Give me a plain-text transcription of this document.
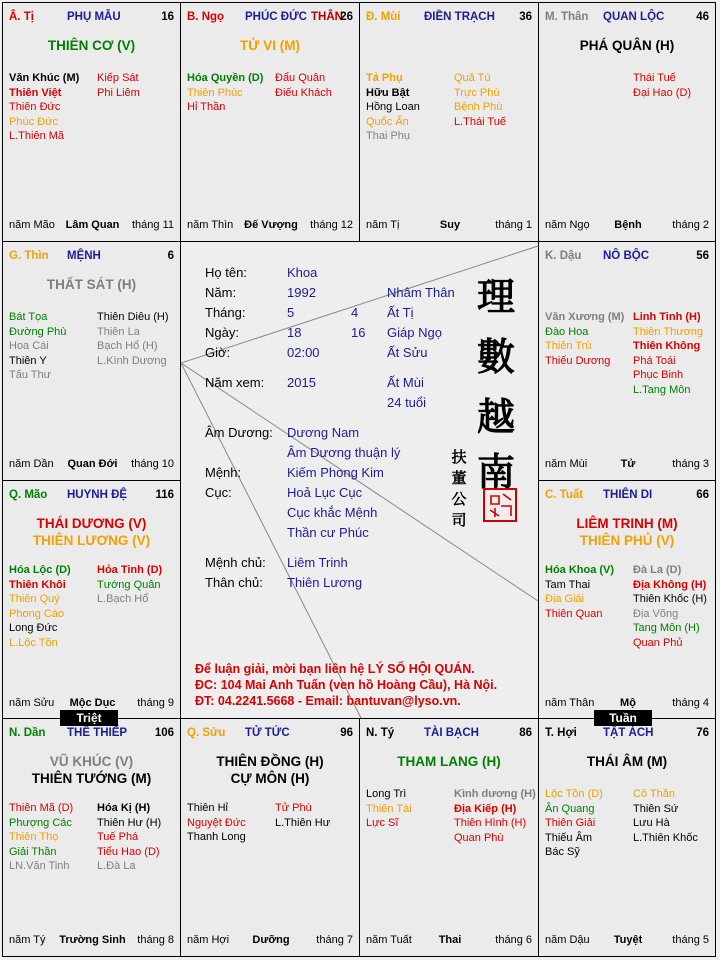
Â. Tị	PHỤ MẪU	16
THIÊN CƠ (V)
Văn Khúc (M)
Thiên Việt
Thiên Đức
Phúc Đức
L.Thiên Mã
Kiếp Sát
Phi Liêm
năm Mão Lâm Quan tháng 11
B. Ngọ PHÚC ĐỨC THÂN
26
TỬ VI (M)
Hóa Quyền (D)
Thiên Phúc
Hỉ Thần
Đẩu Quân
Điếu Khách
năm Thìn Đế Vượng tháng 12
Đ. Mùi ĐIỀN TRẠCH 36
Tả Phụ
Hữu Bật
Hồng Loan
Quốc Ấn
Thai Phụ
Quả Tú
Trực Phù
Bệnh Phù
L.Thái Tuế
năm Tị	Suy	tháng 1
M. Thân QUAN LỘC	46
PHÁ QUÂN (H)
Thái Tuế
Đại Hao (D)
năm Ngọ Bệnh	tháng 2
G. Thìn MỆNH	6
THẤT SÁT (H)
Bát Tọa
Đường Phù
Hoa Cái
Thiên Y
Tấu Thư
Thiên Diêu (H)
Thiên La
Bạch Hổ (H)
L.Kình Dương
năm Dần Quan Đới tháng 10
K. Dậu NÔ BỘC	56
Văn Xương (M)
Đào Hoa
Thiên Trù
Thiếu Dương
Linh Tinh (H)
Thiên Thương
Thiên Không
Phá Toái
Phục Binh
L.Tang Môn
năm Mùi	Tử	tháng 3
Q. Mão HUYNH ĐỆ 116
THÁI DƯƠNG (V)
THIÊN LƯƠNG (V)
Hóa Lộc (D)
Thiên Khôi
Thiên Quý
Phong Cáo
Long Đức
L.Lộc Tồn
Hỏa Tinh (D)
Tướng Quân
L.Bạch Hổ
năm Sửu Mộc Dục tháng 9
C. Tuất THIÊN DI	66
LIÊM TRINH (M)
THIÊN PHỦ (V)
Hóa Khoa (V)
Tam Thai
Địa Giải
Thiên Quan
Đà La (D)
Địa Không (H)
Thiên Khốc (H)
Địa Võng
Tang Môn (H)
Quan Phủ
năm Thân Mộ	tháng 4
N. Dần THÊ THIẾP 106
VŨ KHÚC (V)
THIÊN TƯỚNG (M)
Thiên Mã (D)
Phượng Các
Thiên Thọ
Giải Thần
LN.Văn Tinh
Hóa Kị (H)
Thiên Hư (H)
Tuế Phá
Tiểu Hao (D)
L.Đà La
năm Tý Trường Sinh tháng 8
Q. Sửu TỬ TỨC	96
THIÊN ĐỒNG (H)
CỰ MÔN (H)
Thiên Hỉ
Nguyệt Đức
Thanh Long
Tử Phù
L.Thiên Hư
năm Hợi Dưỡng tháng 7
N. Tý	TÀI BẠCH	86
THAM LANG (H)
Long Trì
Thiên Tài
Lực Sĩ
Kình dương (H)
Địa Kiếp (H)
Thiên Hình (H)
Quan Phù
năm Tuất Thai	tháng 6
T. Hợi TẬT ÁCH	76
THÁI ÂM (M)
Lộc Tồn (D)
Ân Quang
Thiên Giải
Thiếu Âm
Bác Sỹ
Cô Thần
Thiên Sứ
Lưu Hà
L.Thiên Khốc
năm Dậu Tuyệt	tháng 5
Họ tên:	Khoa
Năm:	1992	Nhâm Thân
Tháng:	5	4 Ất Tị
Ngày:	18	16 Giáp Ngọ
Giờ:	02:00	Ất Sửu
Năm xem: 2015	Ất Mùi
24 tuổi
Âm Dương: Dương Nam
Âm Dương thuận lý
Mệnh:	Kiếm Phong Kim
Cục:	Hoả Lục Cục
Cục khắc Mệnh
Thần cư Phúc
Mệnh chủ: Liêm Trinh
Thân chủ: Thiên Lương
理
數
越
南
扶
董
公
司
Để luận giải, mời bạn liên hệ LÝ SỐ HỘI QUÁN.
ĐC: 104 Mai Anh Tuấn (ven hồ Hoàng Cầu), Hà Nội.
ĐT: 04.2241.5668 - Email: bantuvan@lyso.vn.
Triệt	Tuần
